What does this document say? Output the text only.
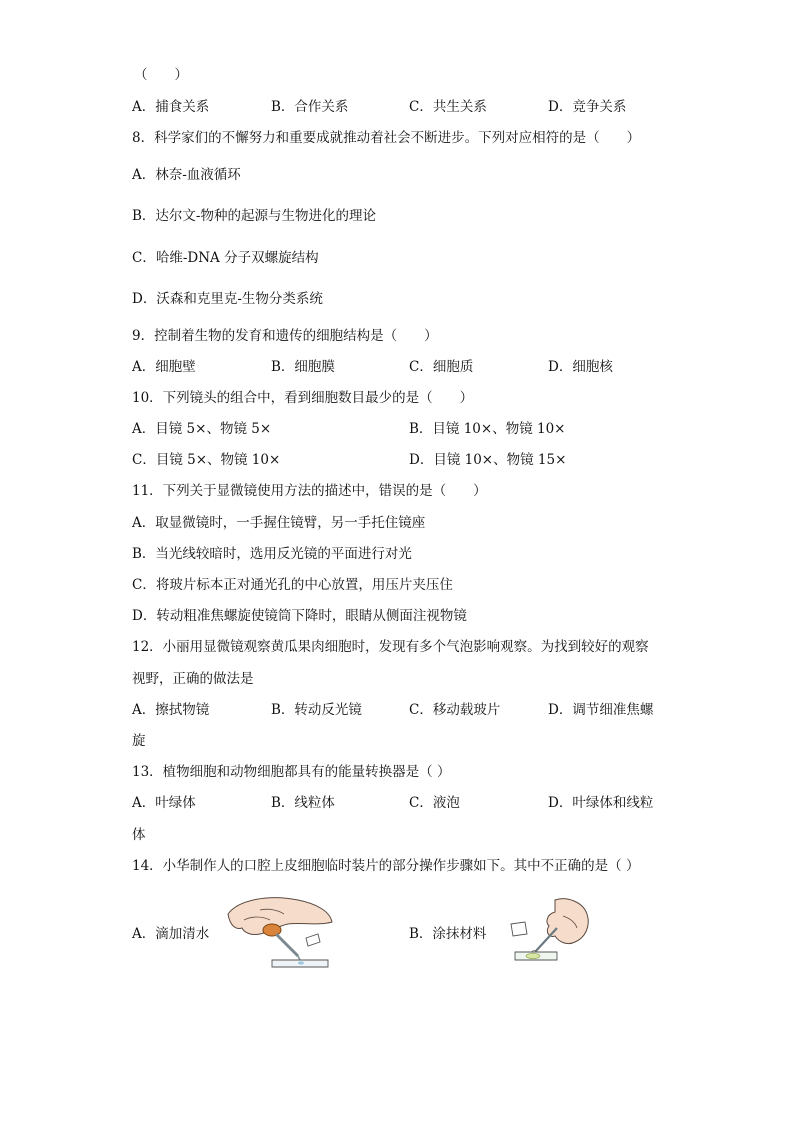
（　　）
A．捕食关系	B．合作关系	C．共生关系	D．竞争关系
8．科学家们的不懈努力和重要成就推动着社会不断进步。下列对应相符的是（　　）
A．林奈-血液循环
B．达尔文-物种的起源与生物进化的理论
C．哈维-DNA 分子双螺旋结构
D．沃森和克里克-生物分类系统
9．控制着生物的发育和遗传的细胞结构是（　　）
A．细胞壁	B．细胞膜	C．细胞质	D．细胞核
10．下列镜头的组合中，看到细胞数目最少的是（　　）
A．目镜 5×、物镜 5×	B．目镜 10×、物镜 10×
C．目镜 5×、物镜 10×	D．目镜 10×、物镜 15×
11．下列关于显微镜使用方法的描述中，错误的是（　　）
A．取显微镜时，一手握住镜臂，另一手托住镜座
B．当光线较暗时，选用反光镜的平面进行对光
C．将玻片标本正对通光孔的中心放置，用压片夹压住
D．转动粗准焦螺旋使镜筒下降时，眼睛从侧面注视物镜
12．小丽用显微镜观察黄瓜果肉细胞时，发现有多个气泡影响观察。为找到较好的观察
视野，正确的做法是
A．擦拭物镜	B．转动反光镜	C．移动载玻片	D．调节细准焦螺
旋
13．植物细胞和动物细胞都具有的能量转换器是（ ）
A．叶绿体	B．线粒体	C．液泡	D．叶绿体和线粒
体
14．小华制作人的口腔上皮细胞临时装片的部分操作步骤如下。其中不正确的是（ ）
A．滴加清水	B．涂抹材料
